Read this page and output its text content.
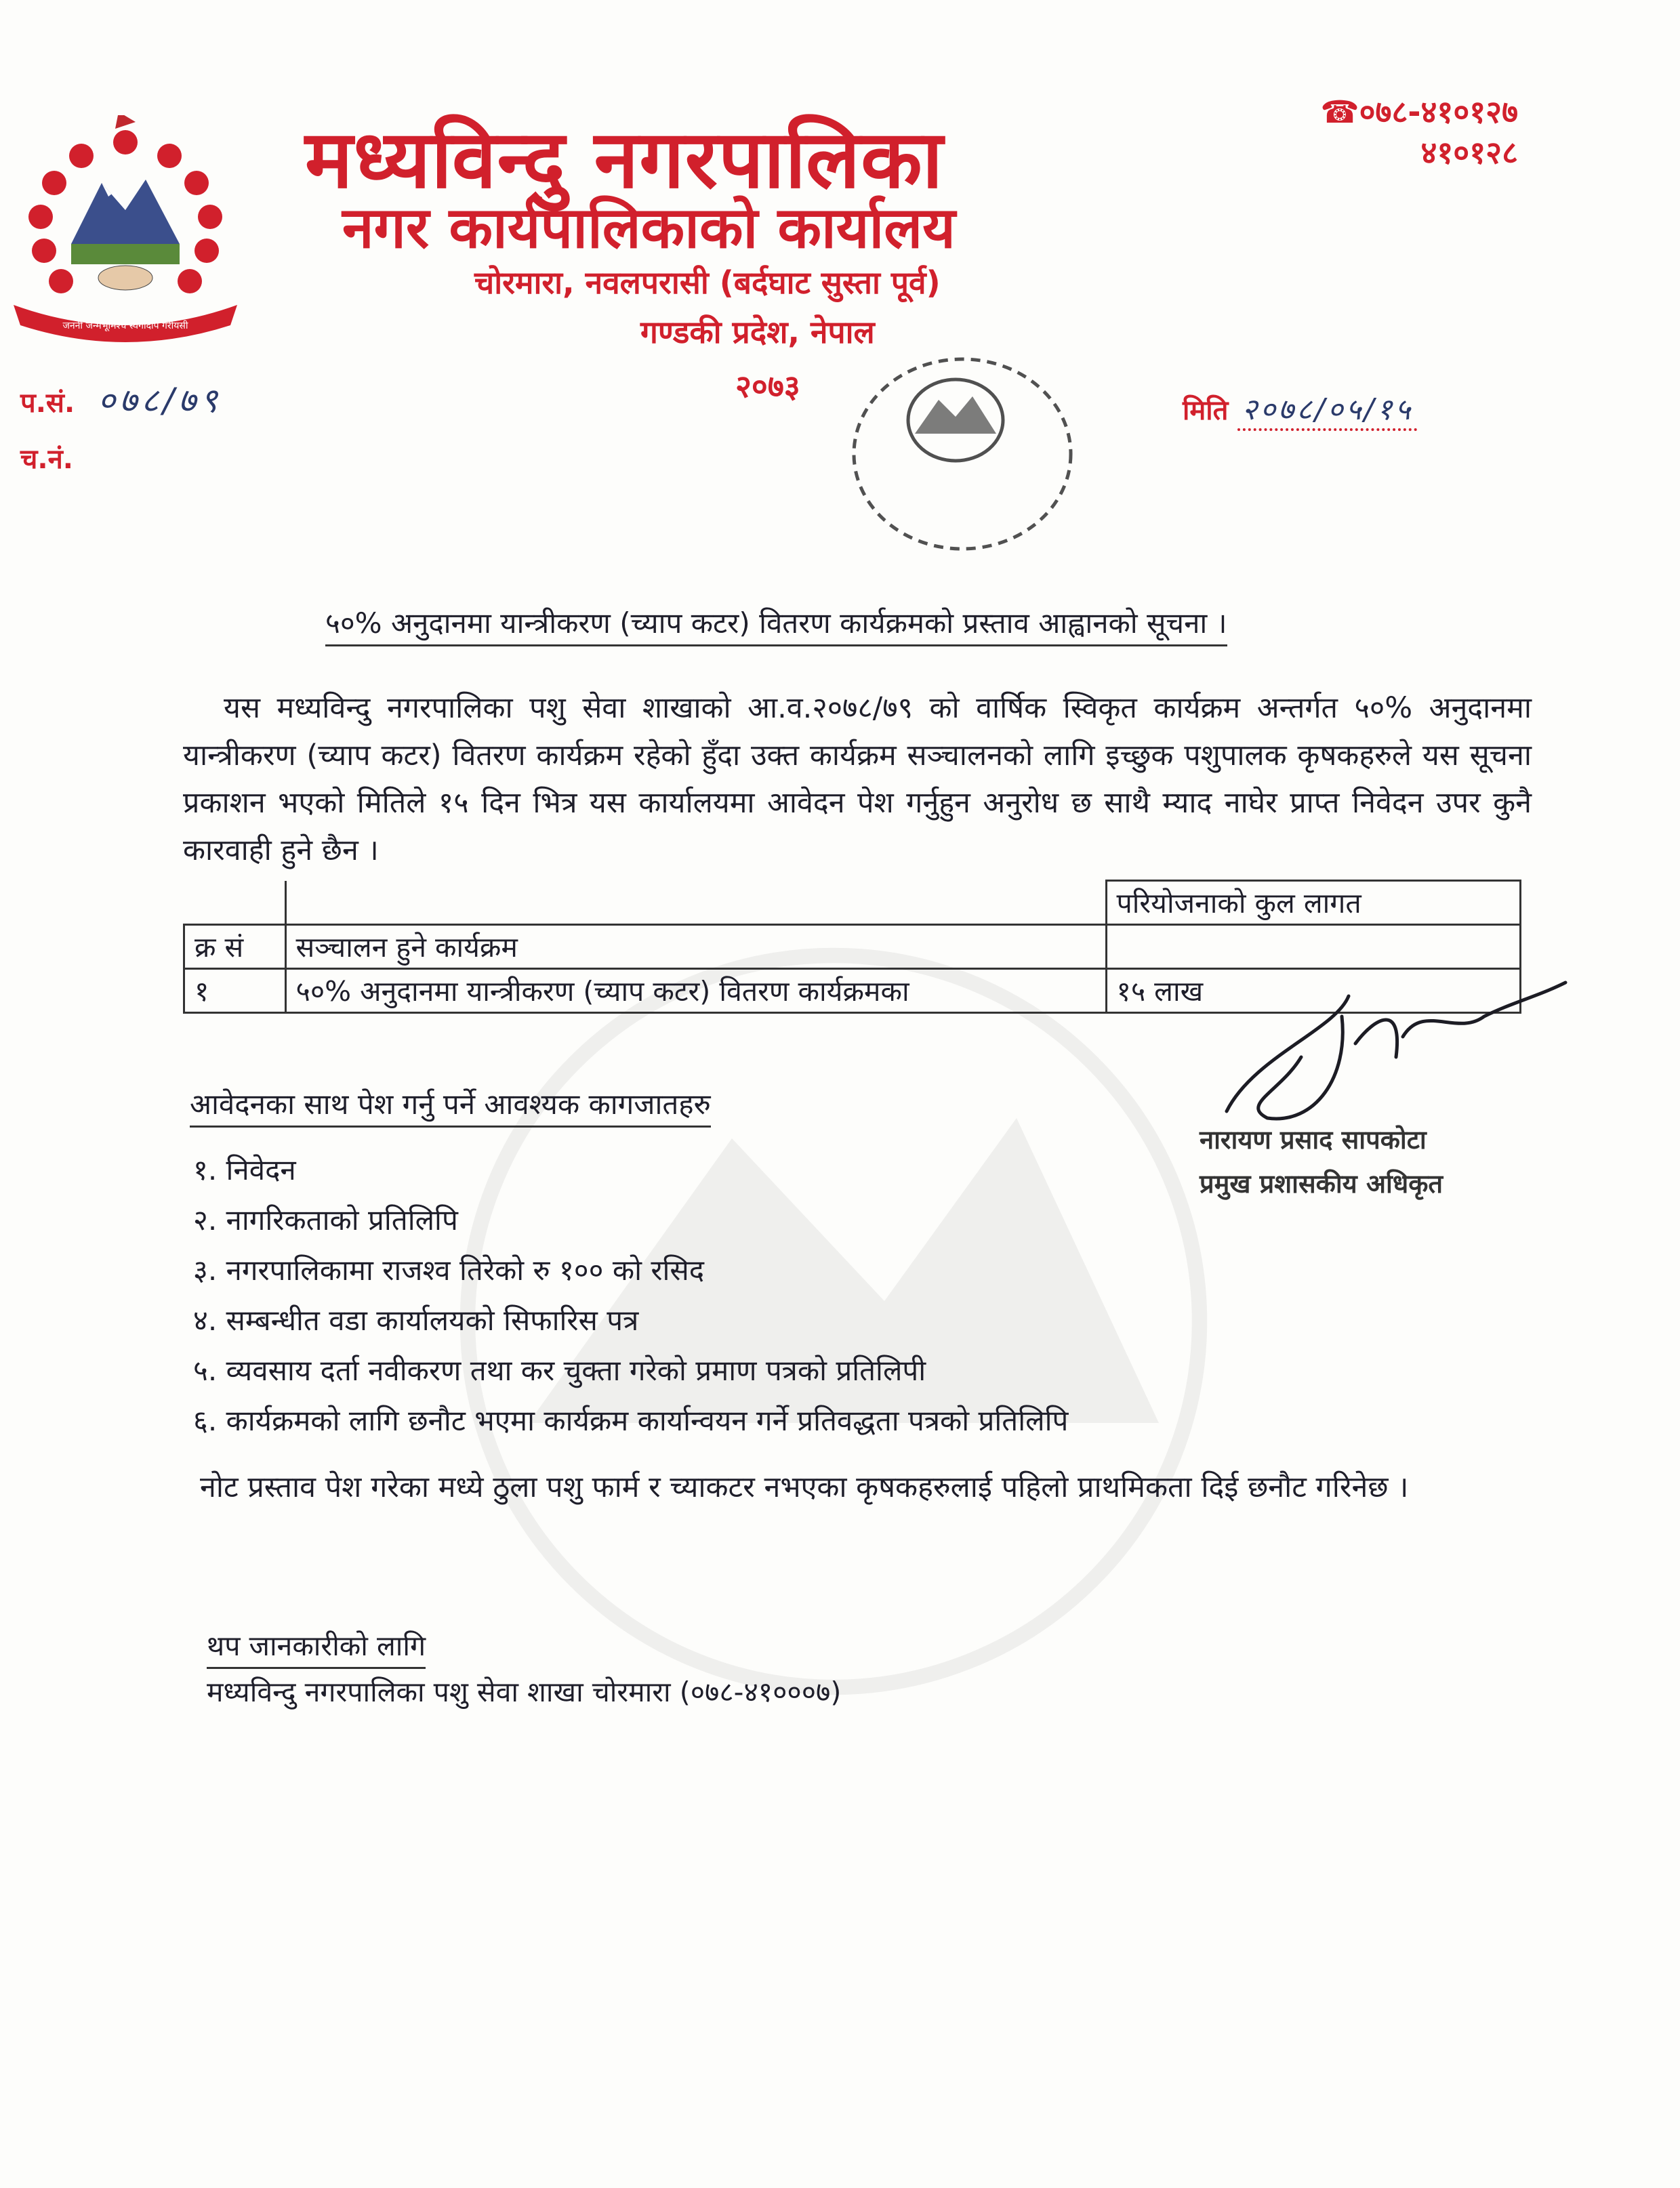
जननी जन्मभूमिश्च स्वर्गादपि गरीयसी
मध्यविन्दु नगरपालिका
नगर कार्यपालिकाको कार्यालय
चोरमारा, नवलपरासी (बर्दघाट सुस्ता पूर्व)
गण्डकी प्रदेश, नेपाल
२०७३
☎०७८-४१०१२७
४१०१२८
प.सं. ०७८/७९
च.नं.
मिति २०७८/०५/१५
५०% अनुदानमा यान्त्रीकरण (च्याप कटर) वितरण कार्यक्रमको प्रस्ताव आह्वानको सूचना ।
यस मध्यविन्दु नगरपालिका पशु सेवा शाखाको आ.व.२०७८/७९ को वार्षिक स्विकृत कार्यक्रम अन्तर्गत ५०% अनुदानमा यान्त्रीकरण (च्याप कटर) वितरण कार्यक्रम रहेको हुँदा उक्त कार्यक्रम सञ्चालनको लागि इच्छुक पशुपालक कृषकहरुले यस सूचना प्रकाशन भएको मितिले १५ दिन भित्र यस कार्यालयमा आवेदन पेश गर्नुहुन अनुरोध छ साथै म्याद नाघेर प्राप्त निवेदन उपर कुनै कारवाही हुने छैन ।
		परियोजनाको कुल लागत
क्र सं	सञ्चालन हुने कार्यक्रम	
१	५०% अनुदानमा यान्त्रीकरण (च्याप कटर) वितरण कार्यक्रमका	१५ लाख
नारायण प्रसाद सापकोटा
प्रमुख प्रशासकीय अधिकृत
आवेदनका साथ पेश गर्नु पर्ने आवश्यक कागजातहरु
१. निवेदन
२. नागरिकताको प्रतिलिपि
३. नगरपालिकामा राजश्व तिरेको रु १०० को रसिद
४. सम्बन्धीत वडा कार्यालयको सिफारिस पत्र
५. व्यवसाय दर्ता नवीकरण तथा कर चुक्ता गरेको प्रमाण पत्रको प्रतिलिपी
६. कार्यक्रमको लागि छनौट भएमा कार्यक्रम कार्यान्वयन गर्ने प्रतिवद्धता पत्रको प्रतिलिपि
नोट प्रस्ताव पेश गरेका मध्ये ठुला पशु फार्म र च्याकटर नभएका कृषकहरुलाई पहिलो प्राथमिकता दिई छनौट गरिनेछ ।
थप जानकारीको लागि
मध्यविन्दु नगरपालिका पशु सेवा शाखा चोरमारा (०७८-४१०००७)
